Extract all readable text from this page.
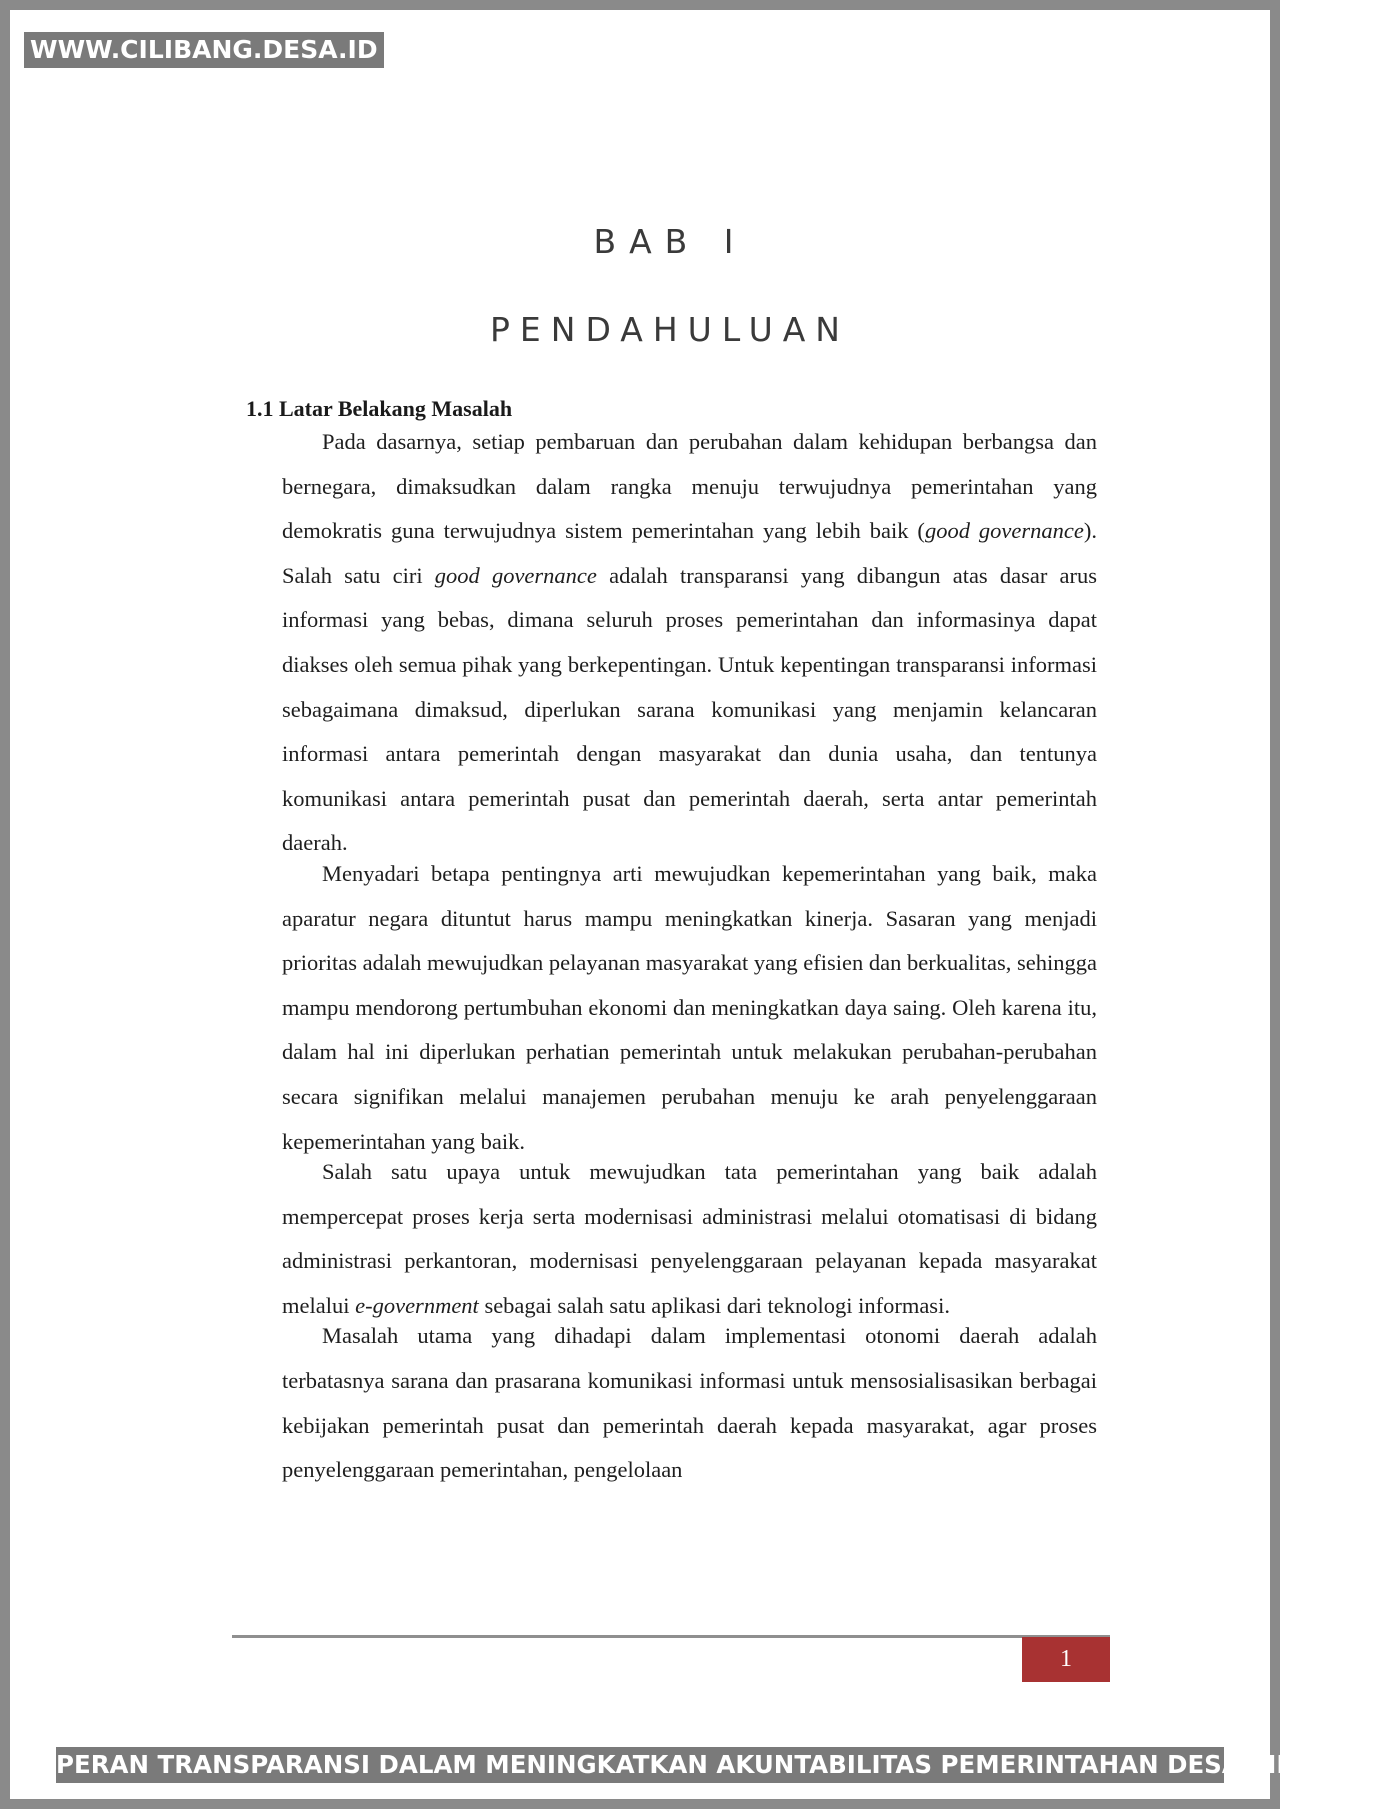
WWW.CILIBANG.DESA.ID
BAB I
PENDAHULUAN
1.1 Latar Belakang Masalah

Pada dasarnya, setiap pembaruan dan perubahan dalam kehidupan berbangsa dan bernegara, dimaksudkan dalam rangka menuju terwujudnya pemerintahan yang demokratis guna terwujudnya sistem pemerintahan yang lebih baik (good governance). Salah satu ciri good governance adalah transparansi yang dibangun atas dasar arus informasi yang bebas, dimana seluruh proses pemerintahan dan informasinya dapat diakses oleh semua pihak yang berkepentingan. Untuk kepentingan transparansi informasi sebagaimana dimaksud, diperlukan sarana komunikasi yang menjamin kelancaran informasi antara pemerintah dengan masyarakat dan dunia usaha, dan tentunya komunikasi antara pemerintah pusat dan pemerintah daerah, serta antar pemerintah daerah.

Menyadari betapa pentingnya arti mewujudkan kepemerintahan yang baik, maka aparatur negara dituntut harus mampu meningkatkan kinerja. Sasaran yang menjadi prioritas adalah mewujudkan pelayanan masyarakat yang efisien dan berkualitas, sehingga mampu mendorong pertumbuhan ekonomi dan meningkatkan daya saing. Oleh karena itu, dalam hal ini diperlukan perhatian pemerintah untuk melakukan perubahan-perubahan secara signifikan melalui manajemen perubahan menuju ke arah penyelenggaraan kepemerintahan yang baik.

Salah satu upaya untuk mewujudkan tata pemerintahan yang baik adalah mempercepat proses kerja serta modernisasi administrasi melalui otomatisasi di bidang administrasi perkantoran, modernisasi penyelenggaraan pelayanan kepada masyarakat melalui e-government sebagai salah satu aplikasi dari teknologi informasi.

Masalah utama yang dihadapi dalam implementasi otonomi daerah adalah terbatasnya sarana dan prasarana komunikasi informasi untuk mensosialisasikan berbagai kebijakan pemerintah pusat dan pemerintah daerah kepada masyarakat, agar proses penyelenggaraan pemerintahan, pengelolaan

1
PERAN TRANSPARANSI DALAM MENINGKATKAN AKUNTABILITAS PEMERINTAHAN DESA CILIBANG
